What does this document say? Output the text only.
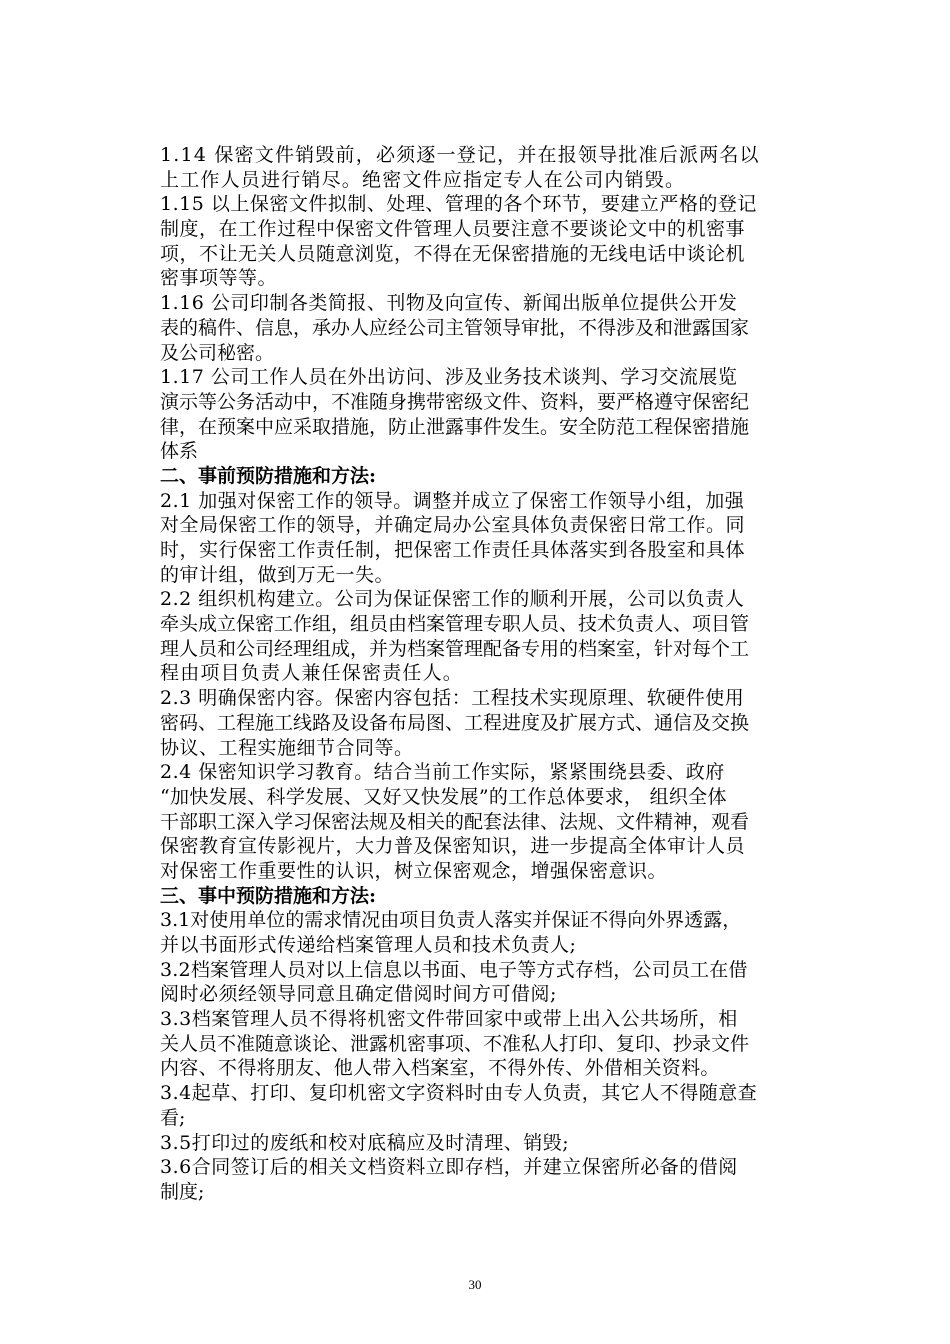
1.14 保密文件销毁前，必须逐一登记，并在报领导批准后派两名以
上工作人员进行销尽。绝密文件应指定专人在公司内销毁。
1.15 以上保密文件拟制、处理、管理的各个环节，要建立严格的登记
制度，在工作过程中保密文件管理人员要注意不要谈论文中的机密事
项，不让无关人员随意浏览，不得在无保密措施的无线电话中谈论机
密事项等等。
1.16 公司印制各类简报、刊物及向宣传、新闻出版单位提供公开发
表的稿件、信息，承办人应经公司主管领导审批，不得涉及和泄露国家
及公司秘密。
1.17 公司工作人员在外出访问、涉及业务技术谈判、学习交流展览
演示等公务活动中，不准随身携带密级文件、资料，要严格遵守保密纪
律，在预案中应采取措施，防止泄露事件发生。安全防范工程保密措施
体系
二、事前预防措施和方法:
2.1 加强对保密工作的领导。调整并成立了保密工作领导小组，加强
对全局保密工作的领导，并确定局办公室具体负责保密日常工作。同
时，实行保密工作责任制，把保密工作责任具体落实到各股室和具体
的审计组，做到万无一失。
2.2 组织机构建立。公司为保证保密工作的顺利开展，公司以负责人
牵头成立保密工作组，组员由档案管理专职人员、技术负责人、项目管
理人员和公司经理组成，并为档案管理配备专用的档案室，针对每个工
程由项目负责人兼任保密责任人。
2.3 明确保密内容。保密内容包括：工程技术实现原理、软硬件使用
密码、工程施工线路及设备布局图、工程进度及扩展方式、通信及交换
协议、工程实施细节合同等。
2.4 保密知识学习教育。结合当前工作实际，紧紧围绕县委、政府
“加快发展、科学发展、又好又快发展”的工作总体要求， 组织全体
干部职工深入学习保密法规及相关的配套法律、法规、文件精神，观看
保密教育宣传影视片，大力普及保密知识，进一步提高全体审计人员
对保密工作重要性的认识，树立保密观念，增强保密意识。
三、事中预防措施和方法:
3.1对使用单位的需求情况由项目负责人落实并保证不得向外界透露，
并以书面形式传递给档案管理人员和技术负责人;
3.2档案管理人员对以上信息以书面、电子等方式存档，公司员工在借
阅时必须经领导同意且确定借阅时间方可借阅;
3.3档案管理人员不得将机密文件带回家中或带上出入公共场所，相
关人员不准随意谈论、泄露机密事项、不准私人打印、复印、抄录文件
内容、不得将朋友、他人带入档案室，不得外传、外借相关资料。
3.4起草、打印、复印机密文字资料时由专人负责，其它人不得随意查
看;
3.5打印过的废纸和校对底稿应及时清理、销毁;
3.6合同签订后的相关文档资料立即存档，并建立保密所必备的借阅
制度;
30
